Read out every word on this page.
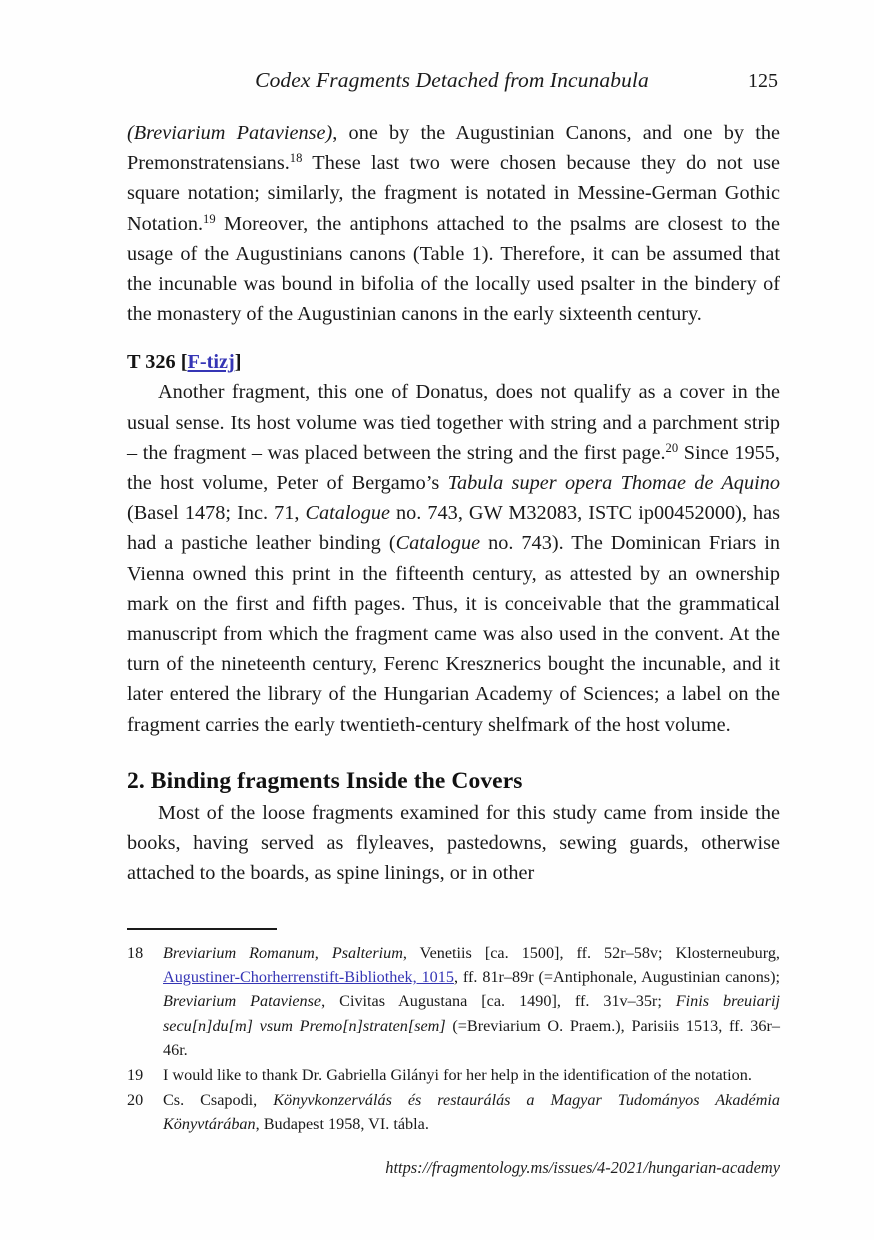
Codex Fragments Detached from Incunabula	125

(Breviarium Pataviense), one by the Augustinian Canons, and one by the Premonstratensians.$^{18}$ These last two were chosen because they do not use square notation; similarly, the fragment is notated in Messine-German Gothic Notation.$^{19}$ Moreover, the antiphons attached to the psalms are closest to the usage of the Augustinians canons (Table 1). Therefore, it can be assumed that the incunable was bound in bifolia of the locally used psalter in the bindery of the monastery of the Augustinian canons in the early sixteenth century.

T 326 [F-tizj]

Another fragment, this one of Donatus, does not qualify as a cover in the usual sense. Its host volume was tied together with string and a parchment strip – the fragment – was placed between the string and the first page.$^{20}$ Since 1955, the host volume, Peter of Bergamo’s Tabula super opera Thomae de Aquino (Basel 1478; Inc. 71, Catalogue no. 743, GW M32083, ISTC ip00452000), has had a pastiche leather binding (Catalogue no. 743). The Dominican Friars in Vienna owned this print in the fifteenth century, as attested by an ownership mark on the first and fifth pages. Thus, it is conceivable that the grammatical manuscript from which the fragment came was also used in the convent. At the turn of the nineteenth century, Ferenc Kresznerics bought the incunable, and it later entered the library of the Hungarian Academy of Sciences; a label on the fragment carries the early twentieth-century shelfmark of the host volume.

2. Binding fragments Inside the Covers

Most of the loose fragments examined for this study came from inside the books, having served as flyleaves, pastedowns, sewing guards, otherwise attached to the boards, as spine linings, or in other

18	Breviarium Romanum, Psalterium, Venetiis [ca. 1500], ff. 52r–58v; Klosterneuburg, Augustiner-Chorherrenstift-Bibliothek, 1015, ff. 81r–89r (=Antiphonale, Augustinian canons); Breviarium Pataviense, Civitas Augustana [ca. 1490], ff. 31v–35r; Finis breuiarij secu[n]du[m] vsum Premo[n]straten[sem] (=Breviarium O. Praem.), Parisiis 1513, ff. 36r–46r.
19	I would like to thank Dr. Gabriella Gilányi for her help in the identification of the notation.
20	Cs. Csapodi, Könyvkonzerválás és restaurálás a Magyar Tudományos Akadémia Könyvtárában, Budapest 1958, VI. tábla.
https://fragmentology.ms/issues/4-2021/hungarian-academy
